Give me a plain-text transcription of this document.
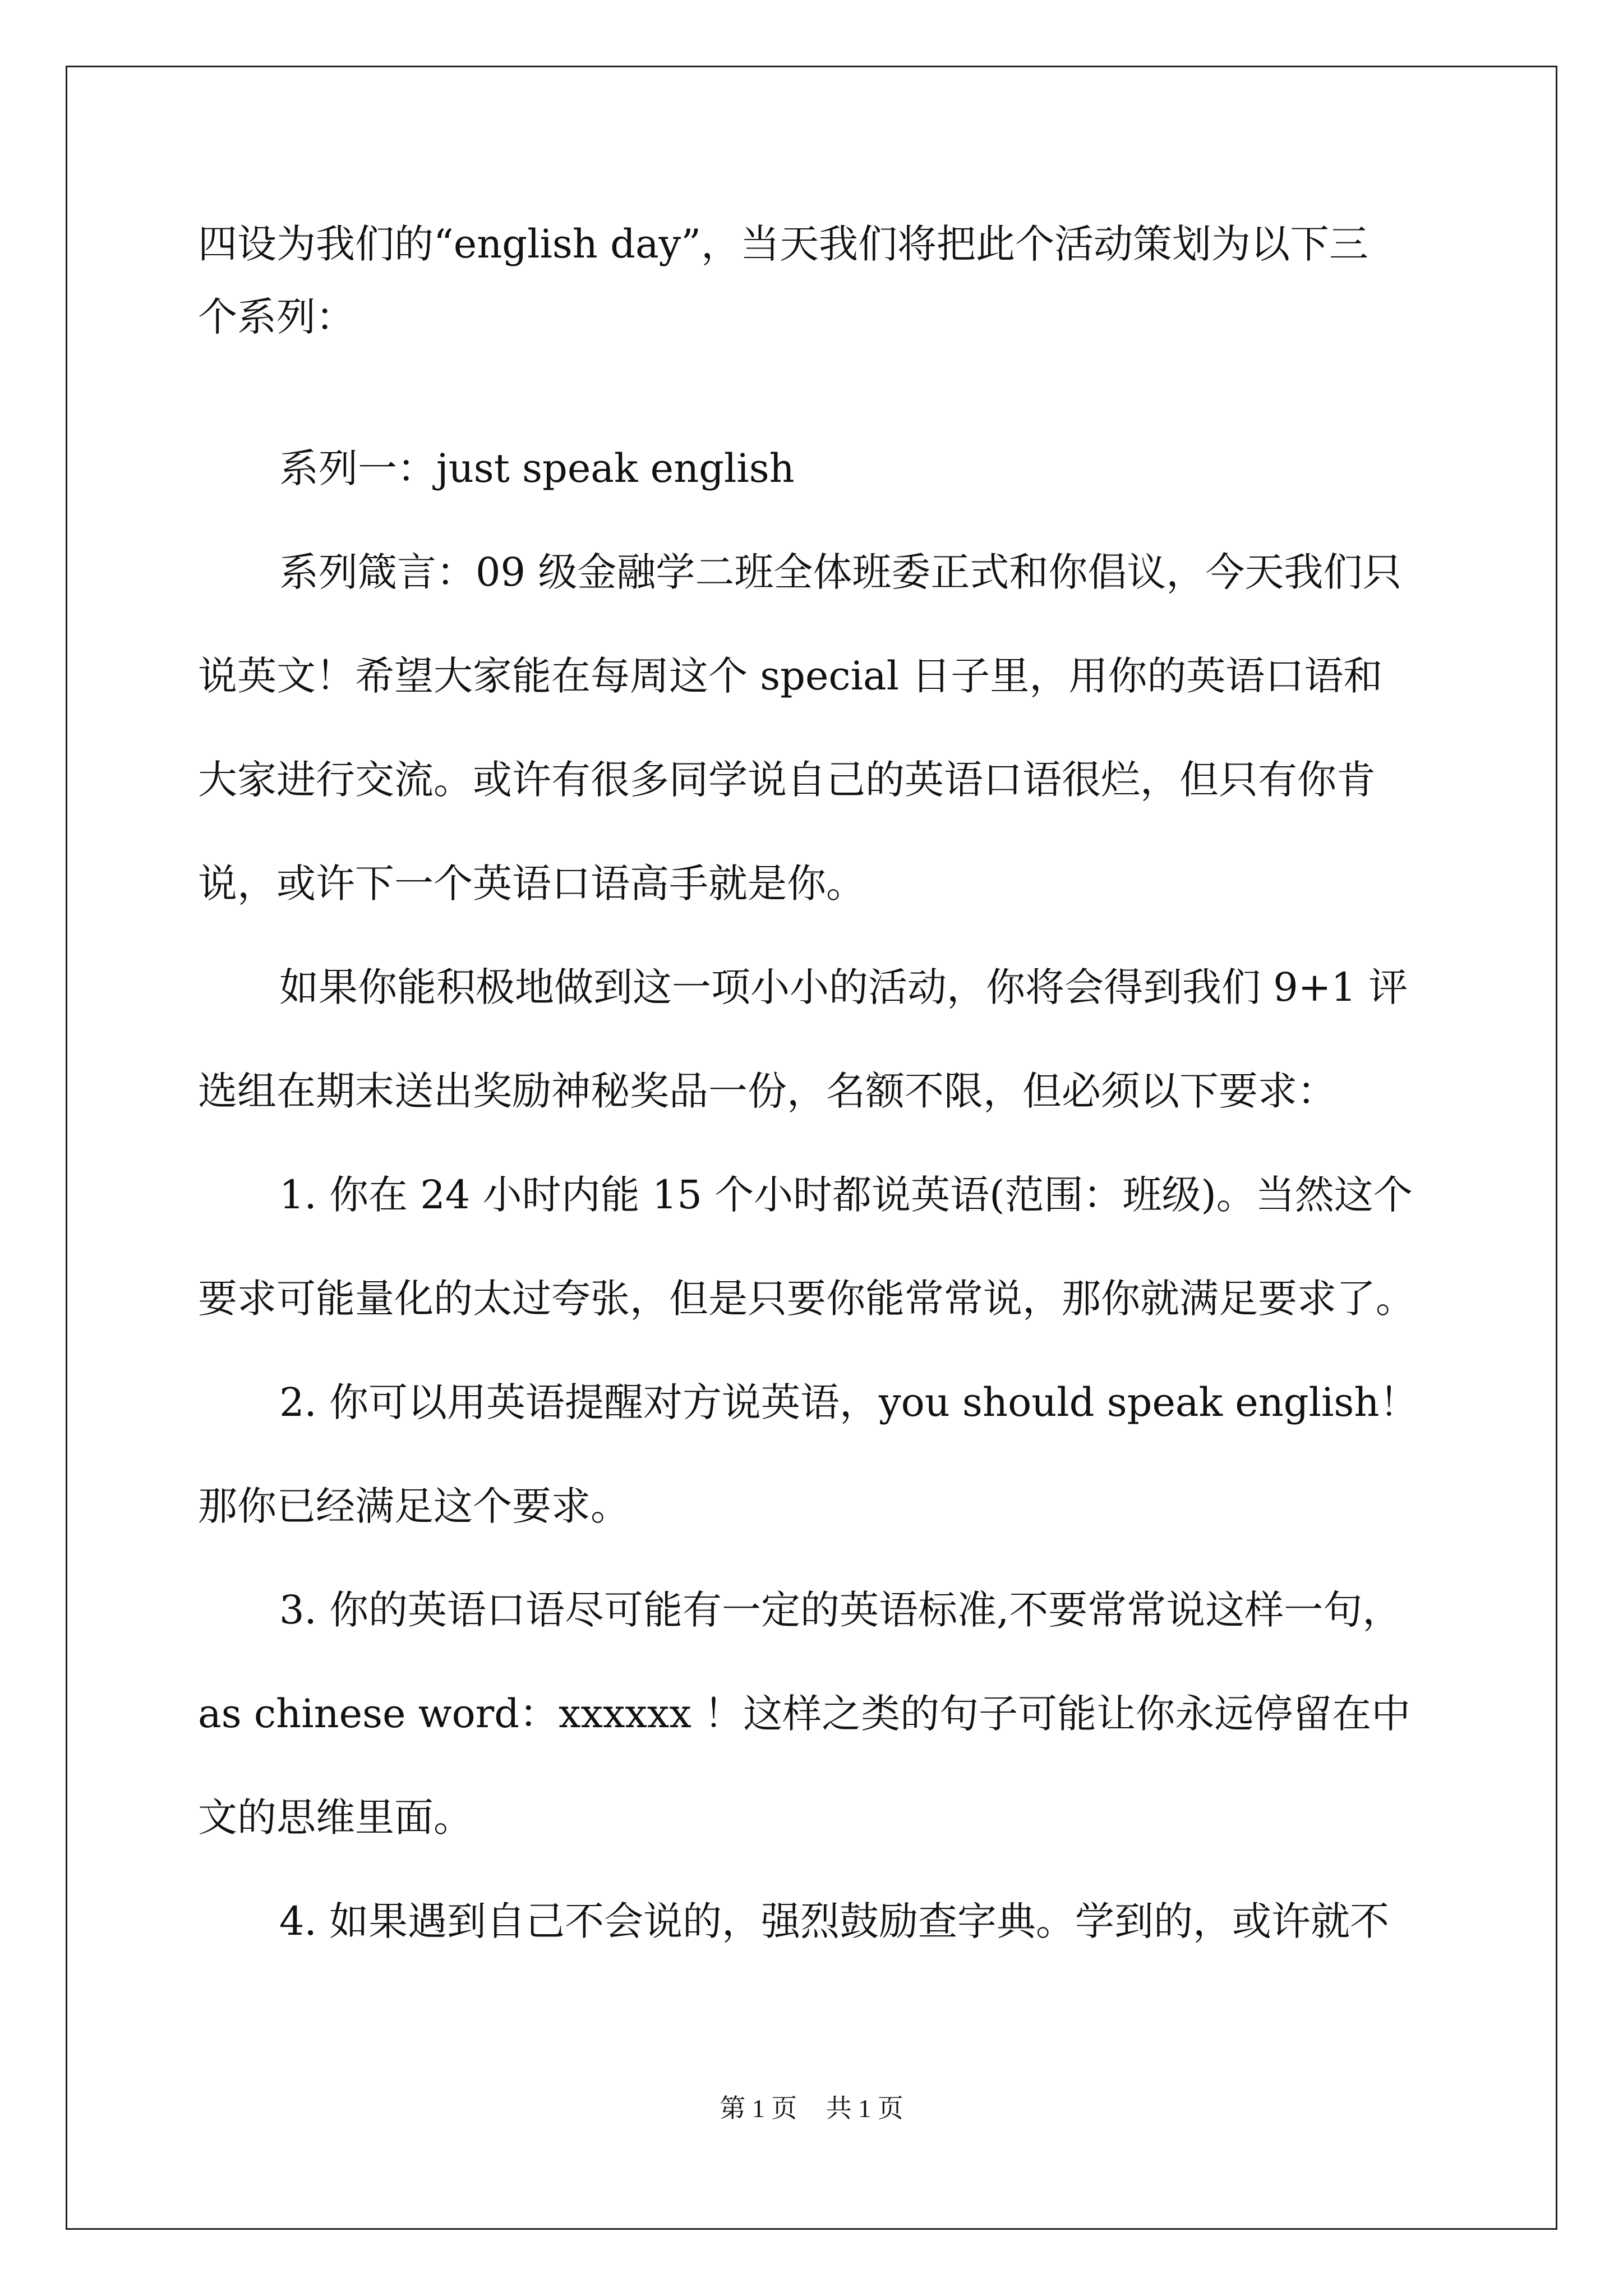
四设为我们的“english day”，当天我们将把此个活动策划为以下三
个系列：
系列一：just speak english
系列箴言：09 级金融学二班全体班委正式和你倡议，今天我们只
说英文！希望大家能在每周这个 special 日子里，用你的英语口语和
大家进行交流。或许有很多同学说自己的英语口语很烂，但只有你肯
说，或许下一个英语口语高手就是你。
如果你能积极地做到这一项小小的活动，你将会得到我们 9+1 评
选组在期末送出奖励神秘奖品一份，名额不限，但必须以下要求：
1. 你在 24 小时内能 15 个小时都说英语(范围：班级)。当然这个
要求可能量化的太过夸张，但是只要你能常常说，那你就满足要求了。
2. 你可以用英语提醒对方说英语，you should speak english！
那你已经满足这个要求。
3. 你的英语口语尽可能有一定的英语标准,不要常常说这样一句，
as chinese word：xxxxxx ！这样之类的句子可能让你永远停留在中
文的思维里面。
4. 如果遇到自己不会说的，强烈鼓励查字典。学到的，或许就不
第 1 页 共 1 页
